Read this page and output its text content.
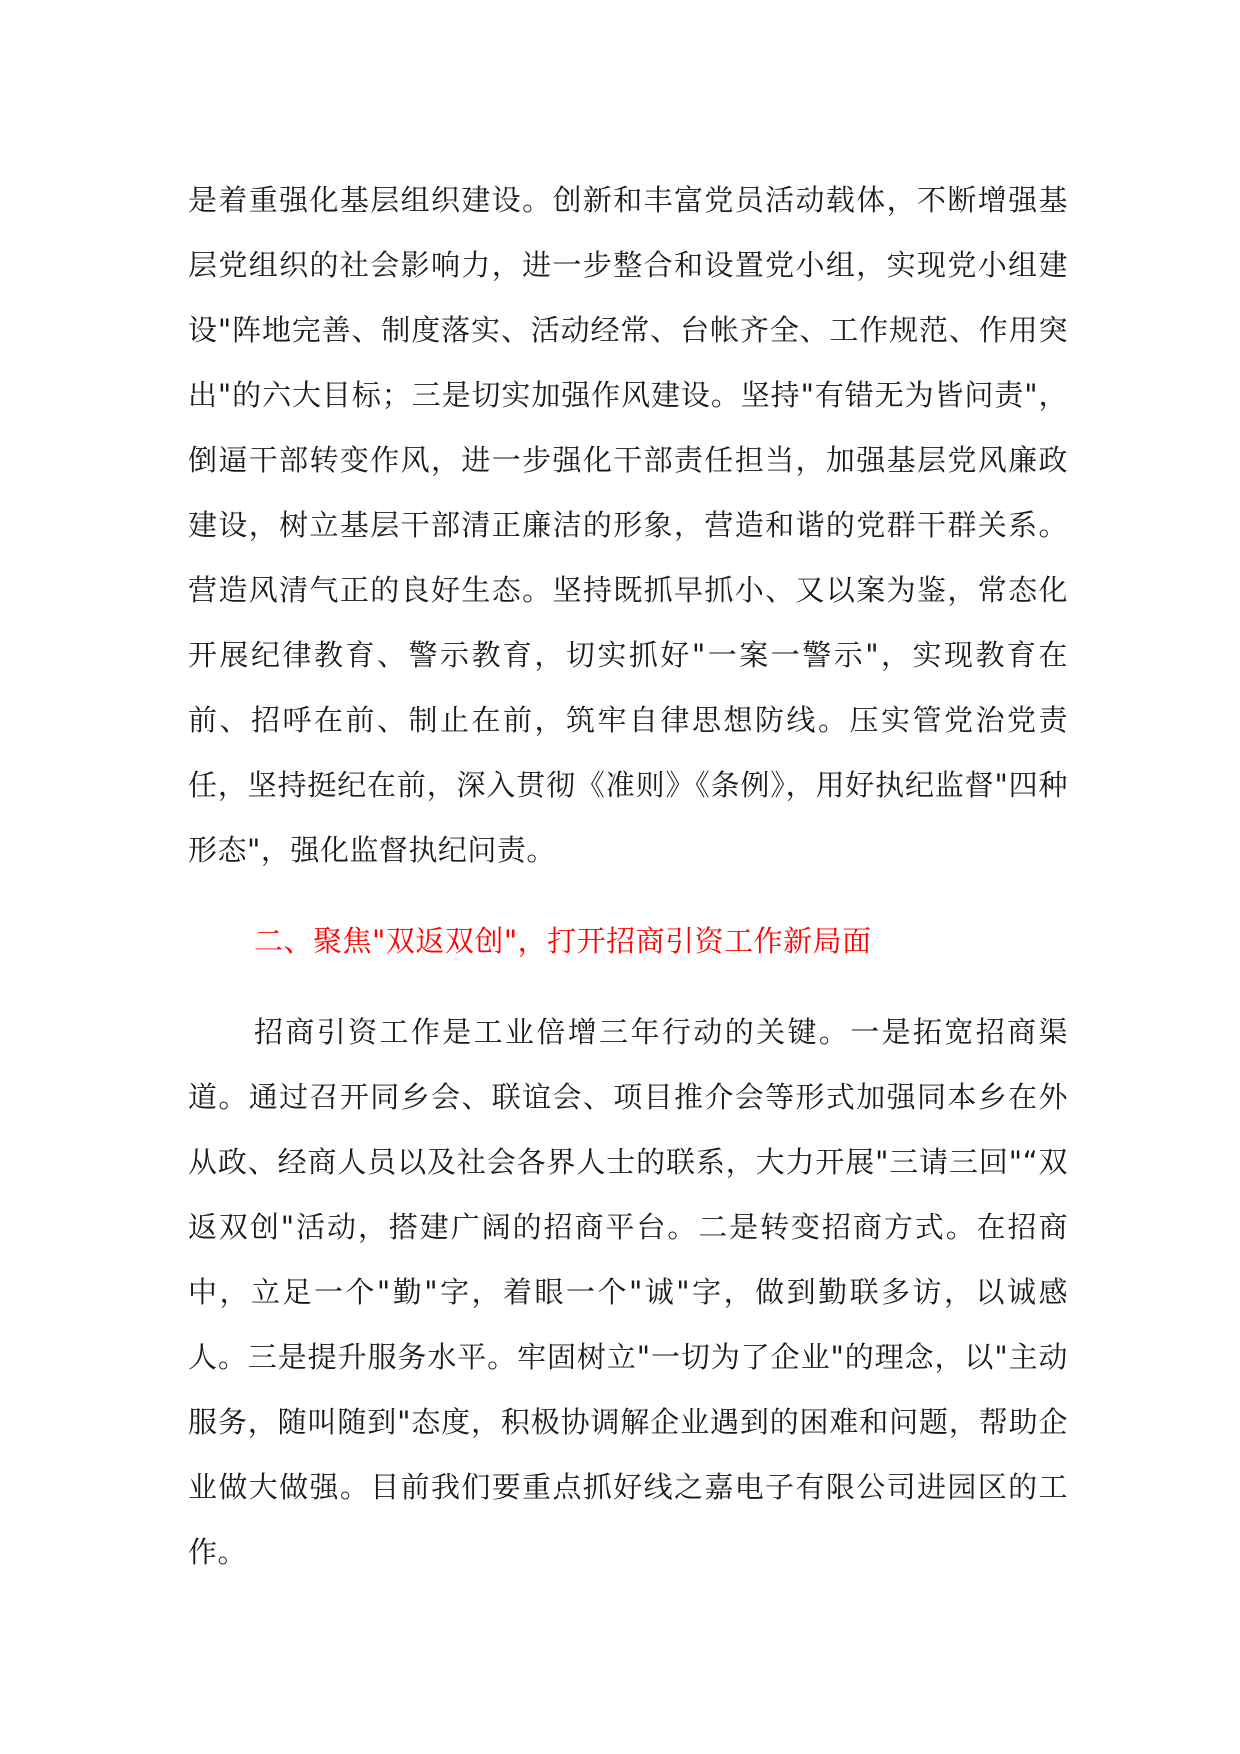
是着重强化基层组织建设。创新和丰富党员活动载体，不断增强基层党组织的社会影响力，进一步整合和设置党小组，实现党小组建设"阵地完善、制度落实、活动经常、台帐齐全、工作规范、作用突出"的六大目标；三是切实加强作风建设。坚持"有错无为皆问责"，倒逼干部转变作风，进一步强化干部责任担当，加强基层党风廉政建设，树立基层干部清正廉洁的形象，营造和谐的党群干群关系。营造风清气正的良好生态。坚持既抓早抓小、又以案为鉴，常态化开展纪律教育、警示教育，切实抓好"一案一警示"，实现教育在前、招呼在前、制止在前，筑牢自律思想防线。压实管党治党责任，坚持挺纪在前，深入贯彻《准则》《条例》，用好执纪监督"四种形态"，强化监督执纪问责。

二、聚焦"双返双创"，打开招商引资工作新局面

招商引资工作是工业倍增三年行动的关键。一是拓宽招商渠道。通过召开同乡会、联谊会、项目推介会等形式加强同本乡在外从政、经商人员以及社会各界人士的联系，大力开展"三请三回"“双返双创"活动，搭建广阔的招商平台。二是转变招商方式。在招商中，立足一个"勤"字，着眼一个"诚"字，做到勤联多访，以诚感人。三是提升服务水平。牢固树立"一切为了企业"的理念，以"主动服务，随叫随到"态度，积极协调解企业遇到的困难和问题，帮助企业做大做强。目前我们要重点抓好线之嘉电子有限公司进园区的工作。
